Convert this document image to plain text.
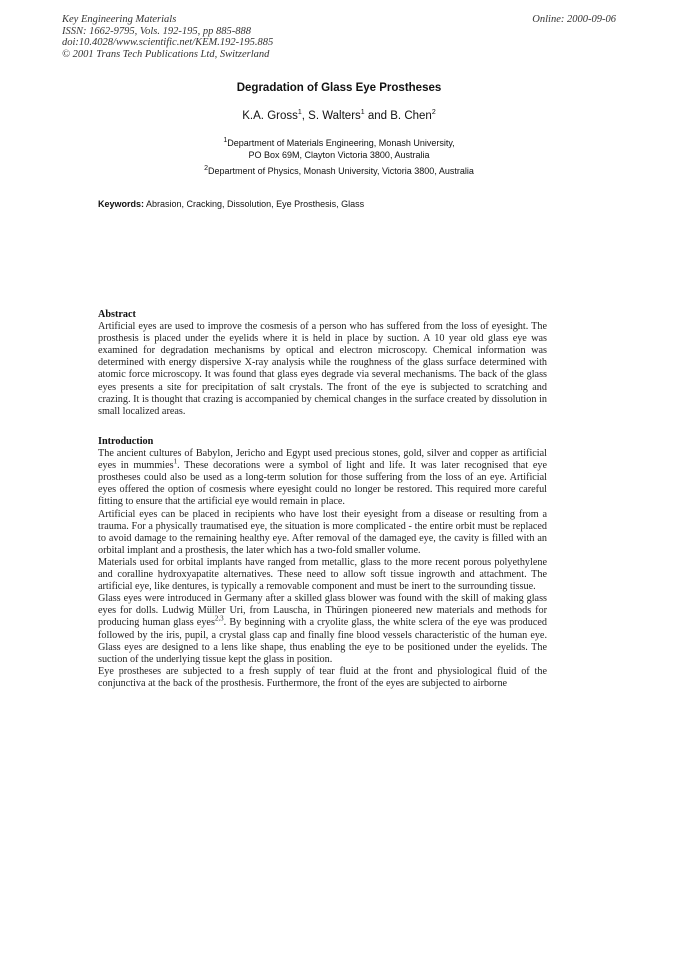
Key Engineering Materials
ISSN: 1662-9795, Vols. 192-195, pp 885-888
doi:10.4028/www.scientific.net/KEM.192-195.885
© 2001 Trans Tech Publications Ltd, Switzerland
Online: 2000-09-06
Degradation of Glass Eye Prostheses
K.A. Gross$^1$, S. Walters$^1$ and B. Chen$^2$
$^1$Department of Materials Engineering, Monash University,
PO Box 69M, Clayton Victoria 3800, Australia
$^2$Department of Physics, Monash University, Victoria 3800, Australia
Keywords: Abrasion, Cracking, Dissolution, Eye Prosthesis, Glass
Abstract

Artificial eyes are used to improve the cosmesis of a person who has suffered from the loss of eyesight. The prosthesis is placed under the eyelids where it is held in place by suction. A 10 year old glass eye was examined for degradation mechanisms by optical and electron microscopy. Chemical information was determined with energy dispersive X-ray analysis while the roughness of the glass surface determined with atomic force microscopy. It was found that glass eyes degrade via several mechanisms. The back of the glass eyes presents a site for precipitation of salt crystals. The front of the eye is subjected to scratching and crazing. It is thought that crazing is accompanied by chemical changes in the surface created by dissolution in small localized areas.

Introduction

The ancient cultures of Babylon, Jericho and Egypt used precious stones, gold, silver and copper as artificial eyes in mummies$^1$. These decorations were a symbol of light and life. It was later recognised that eye prostheses could also be used as a long-term solution for those suffering from the loss of an eye. Artificial eyes offered the option of cosmesis where eyesight could no longer be restored. This required more careful fitting to ensure that the artificial eye would remain in place.

Artificial eyes can be placed in recipients who have lost their eyesight from a disease or resulting from a trauma. For a physically traumatised eye, the situation is more complicated - the entire orbit must be replaced to avoid damage to the remaining healthy eye. After removal of the damaged eye, the cavity is filled with an orbital implant and a prosthesis, the later which has a two-fold smaller volume.

Materials used for orbital implants have ranged from metallic, glass to the more recent porous polyethylene and coralline hydroxyapatite alternatives. These need to allow soft tissue ingrowth and attachment. The artificial eye, like dentures, is typically a removable component and must be inert to the surrounding tissue.

Glass eyes were introduced in Germany after a skilled glass blower was found with the skill of making glass eyes for dolls. Ludwig Müller Uri, from Lauscha, in Thüringen pioneered new materials and methods for producing human glass eyes$^{2,3}$. By beginning with a cryolite glass, the white sclera of the eye was produced followed by the iris, pupil, a crystal glass cap and finally fine blood vessels characteristic of the human eye. Glass eyes are designed to a lens like shape, thus enabling the eye to be positioned under the eyelids. The suction of the underlying tissue kept the glass in position.

Eye prostheses are subjected to a fresh supply of tear fluid at the front and physiological fluid of the conjunctiva at the back of the prosthesis. Furthermore, the front of the eyes are subjected to airborne
